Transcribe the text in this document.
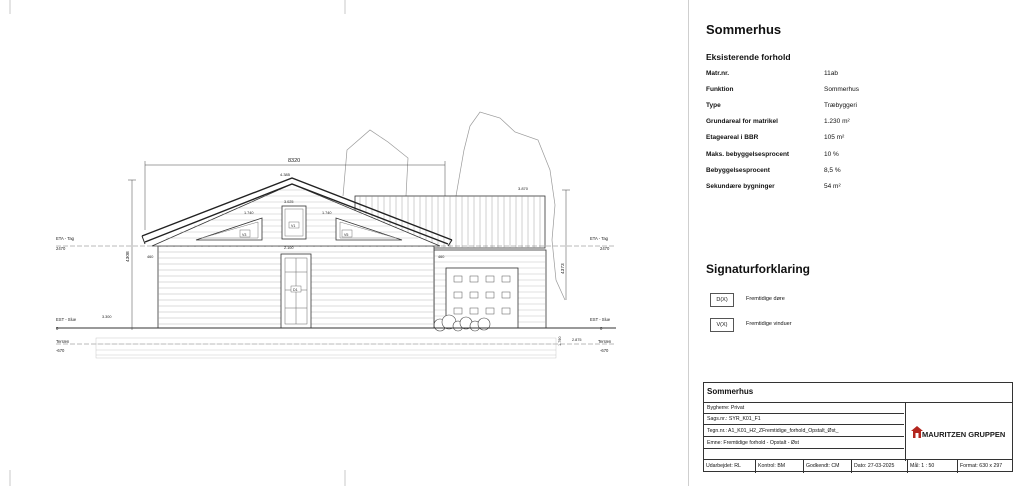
8320
4.385
3.870
V3	V5
V1
D1
3.025
1.740	1.740
2.100
460	460
3.300
2.875
4308
4373
1.790
ETA - Tag
2470
EST - Slue
0
Terræn
-670
ETA - Tag
2470
EST - Slue
0
Terræn
-670
Sommerhus
Eksisterende forhold
Matr.nr.	11ab
Funktion	Sommerhus
Type	Træbyggeri
Grundareal for matrikel	1.230 m²
Etageareal i BBR	105 m²
Maks. bebyggelsesprocent	10 %
Bebyggelsesprocent	8,5 %
Sekundære bygninger	54 m²
Signaturforklaring
D(X)	Fremtidige døre
V(X)	Fremtidige vinduer
Sommerhus
Bygherre: Privat
Sags.nr.: SYR_K01_F1
Tegn.nr.: A1_K01_H2_ZFremtidige_forhold_Opstalt_Øst_
Emne: Fremtidige forhold - Opstalt - Øst
MAURITZEN GRUPPEN
Udarbejdet: RL	Kontrol: BM	Godkendt: CM	Dato: 27-03-2025	Mål: 1 : 50	Format: 630 x 297
